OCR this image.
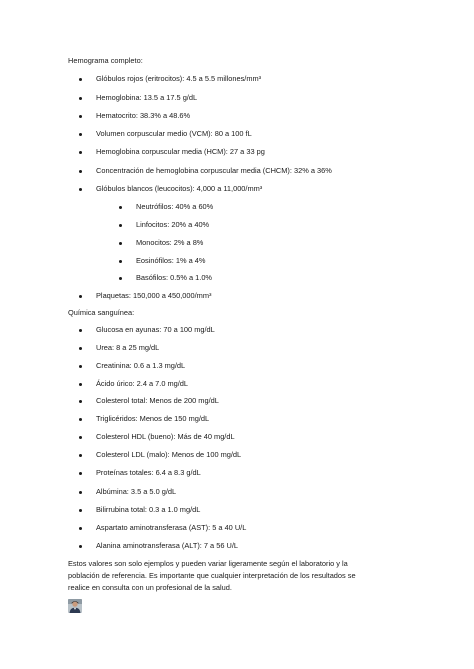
Hemograma completo:
Glóbulos rojos (eritrocitos): 4.5 a 5.5 millones/mm³
Hemoglobina: 13.5 a 17.5 g/dL
Hematocrito: 38.3% a 48.6%
Volumen corpuscular medio (VCM): 80 a 100 fL
Hemoglobina corpuscular media (HCM): 27 a 33 pg
Concentración de hemoglobina corpuscular media (CHCM): 32% a 36%
Glóbulos blancos (leucocitos): 4,000 a 11,000/mm³
Neutrófilos: 40% a 60%
Linfocitos: 20% a 40%
Monocitos: 2% a 8%
Eosinófilos: 1% a 4%
Basófilos: 0.5% a 1.0%
Plaquetas: 150,000 a 450,000/mm³
Química sanguínea:
Glucosa en ayunas: 70 a 100 mg/dL
Urea: 8 a 25 mg/dL
Creatinina: 0.6 a 1.3 mg/dL
Ácido úrico: 2.4 a 7.0 mg/dL
Colesterol total: Menos de 200 mg/dL
Triglicéridos: Menos de 150 mg/dL
Colesterol HDL (bueno): Más de 40 mg/dL
Colesterol LDL (malo): Menos de 100 mg/dL
Proteínas totales: 6.4 a 8.3 g/dL
Albúmina: 3.5 a 5.0 g/dL
Bilirrubina total: 0.3 a 1.0 mg/dL
Aspartato aminotransferasa (AST): 5 a 40 U/L
Alanina aminotransferasa (ALT): 7 a 56 U/L
Estos valores son solo ejemplos y pueden variar ligeramente según el laboratorio y la
población de referencia. Es importante que cualquier interpretación de los resultados se
realice en consulta con un profesional de la salud.
